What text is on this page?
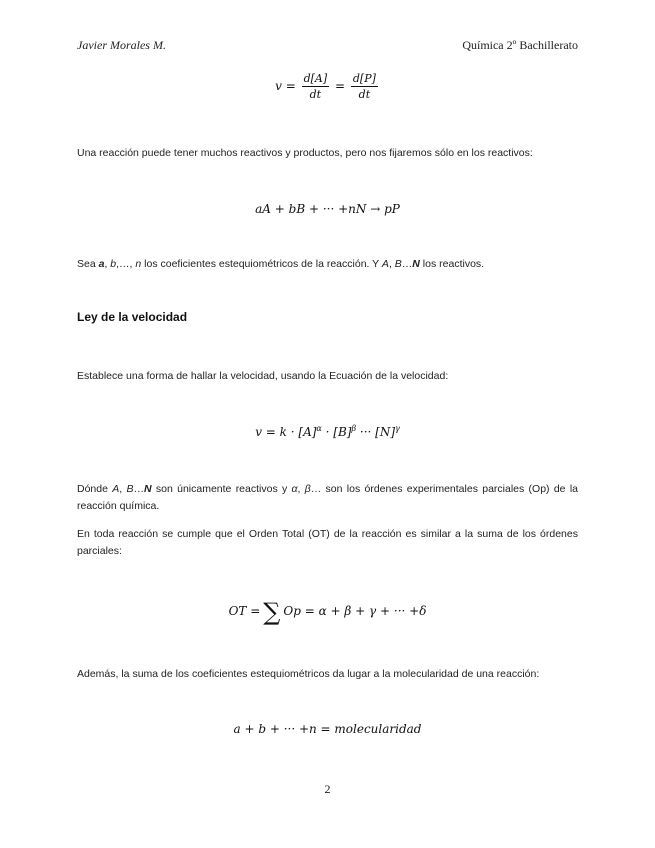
Javier Morales M.	Química 2º Bachillerato
$v = \frac{d[A]}{dt} = \frac{d[P]}{dt}$
Una reacción puede tener muchos reactivos y productos, pero nos fijaremos sólo en los reactivos:
aA + bB + ··· +nN → pP
Sea a, b,…, n los coeficientes estequiométricos de la reacción. Y A, B…N los reactivos.
Ley de la velocidad
Establece una forma de hallar la velocidad, usando la Ecuación de la velocidad:
$v = k \cdot [A]^\alpha \cdot [B]^\beta$ ··· $[N]^\gamma$
Dónde A, B…N son únicamente reactivos y α, β… son los órdenes experimentales parciales (Op) de la reacción química.
En toda reacción se cumple que el Orden Total (OT) de la reacción es similar a la suma de los órdenes parciales:
OT = ∑ Op = α + β + γ + ··· +δ
Además, la suma de los coeficientes estequiométricos da lugar a la molecularidad de una reacción:
a + b + ··· +n = molecularidad
2
